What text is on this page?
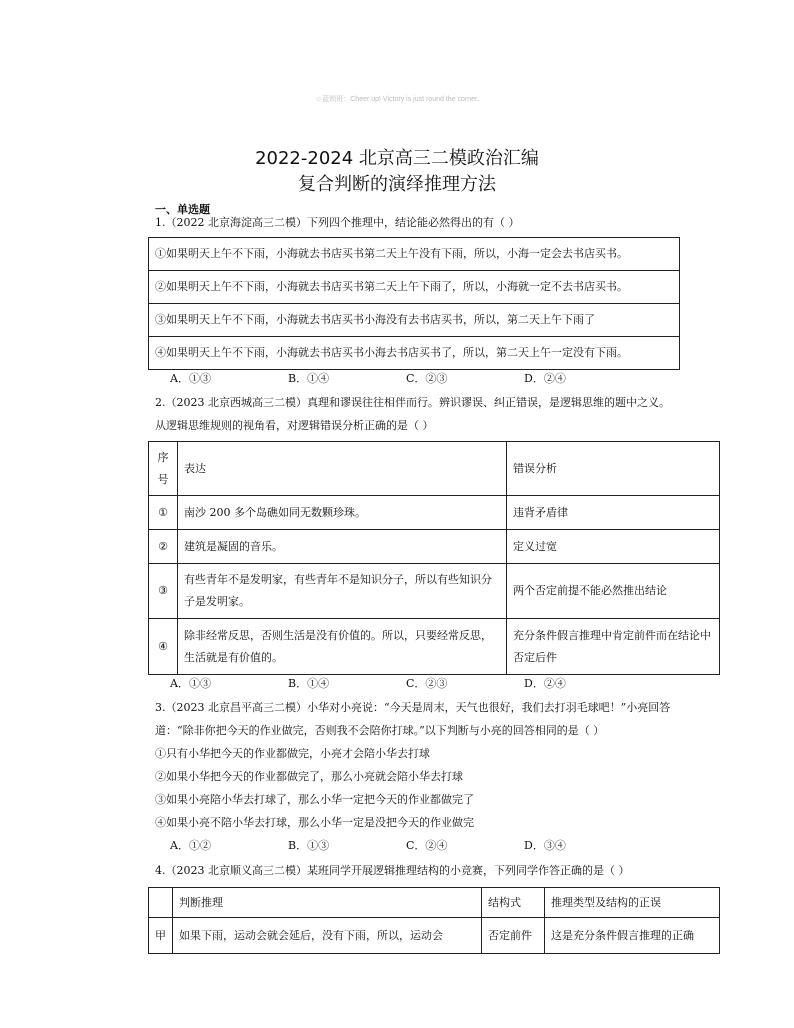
☺蓝锁班：Cheer up! Victory is just round the corner.
2022-2024 北京高三二模政治汇编
复合判断的演绎推理方法
一、单选题
1.（2022 北京海淀高三二模）下列四个推理中，结论能必然得出的有（ ）
①如果明天上午不下雨，小海就去书店买书第二天上午没有下雨，所以，小海一定会去书店买书。
②如果明天上午不下雨，小海就去书店买书第二天上午下雨了，所以，小海就一定不去书店买书。
③如果明天上午不下雨，小海就去书店买书小海没有去书店买书，所以，第二天上午下雨了
④如果明天上午不下雨，小海就去书店买书小海去书店买书了，所以，第二天上午一定没有下雨。
A．①③	B．①④	C．②③	D．②④
2.（2023 北京西城高三二模）真理和谬误往往相伴而行。辨识谬误、纠正错误，是逻辑思维的题中之义。
从逻辑思维规则的视角看，对逻辑错误分析正确的是（ ）
序号	表达	错误分析
①	南沙 200 多个岛礁如同无数颗珍珠。	违背矛盾律
②	建筑是凝固的音乐。	定义过宽
③	有些青年不是发明家，有些青年不是知识分子，所以有些知识分子是发明家。	两个否定前提不能必然推出结论
④	除非经常反思，否则生活是没有价值的。所以，只要经常反思，生活就是有价值的。	充分条件假言推理中肯定前件而在结论中否定后件
A．①③	B．①④	C．②③	D．②④
3.（2023 北京昌平高三二模）小华对小亮说：“今天是周末，天气也很好，我们去打羽毛球吧！”小亮回答
道：“除非你把今天的作业做完，否则我不会陪你打球。”以下判断与小亮的回答相同的是（ ）
①只有小华把今天的作业都做完，小亮才会陪小华去打球
②如果小华把今天的作业都做完了，那么小亮就会陪小华去打球
③如果小亮陪小华去打球了，那么小华一定把今天的作业都做完了
④如果小亮不陪小华去打球，那么小华一定是没把今天的作业做完
A．①②	B．①③	C．②④	D．③④
4.（2023 北京顺义高三二模）某班同学开展逻辑推理结构的小竞赛，下列同学作答正确的是（ ）
	判断推理	结构式	推理类型及结构的正误
甲	如果下雨，运动会就会延后，没有下雨，所以，运动会	否定前件	这是充分条件假言推理的正确
